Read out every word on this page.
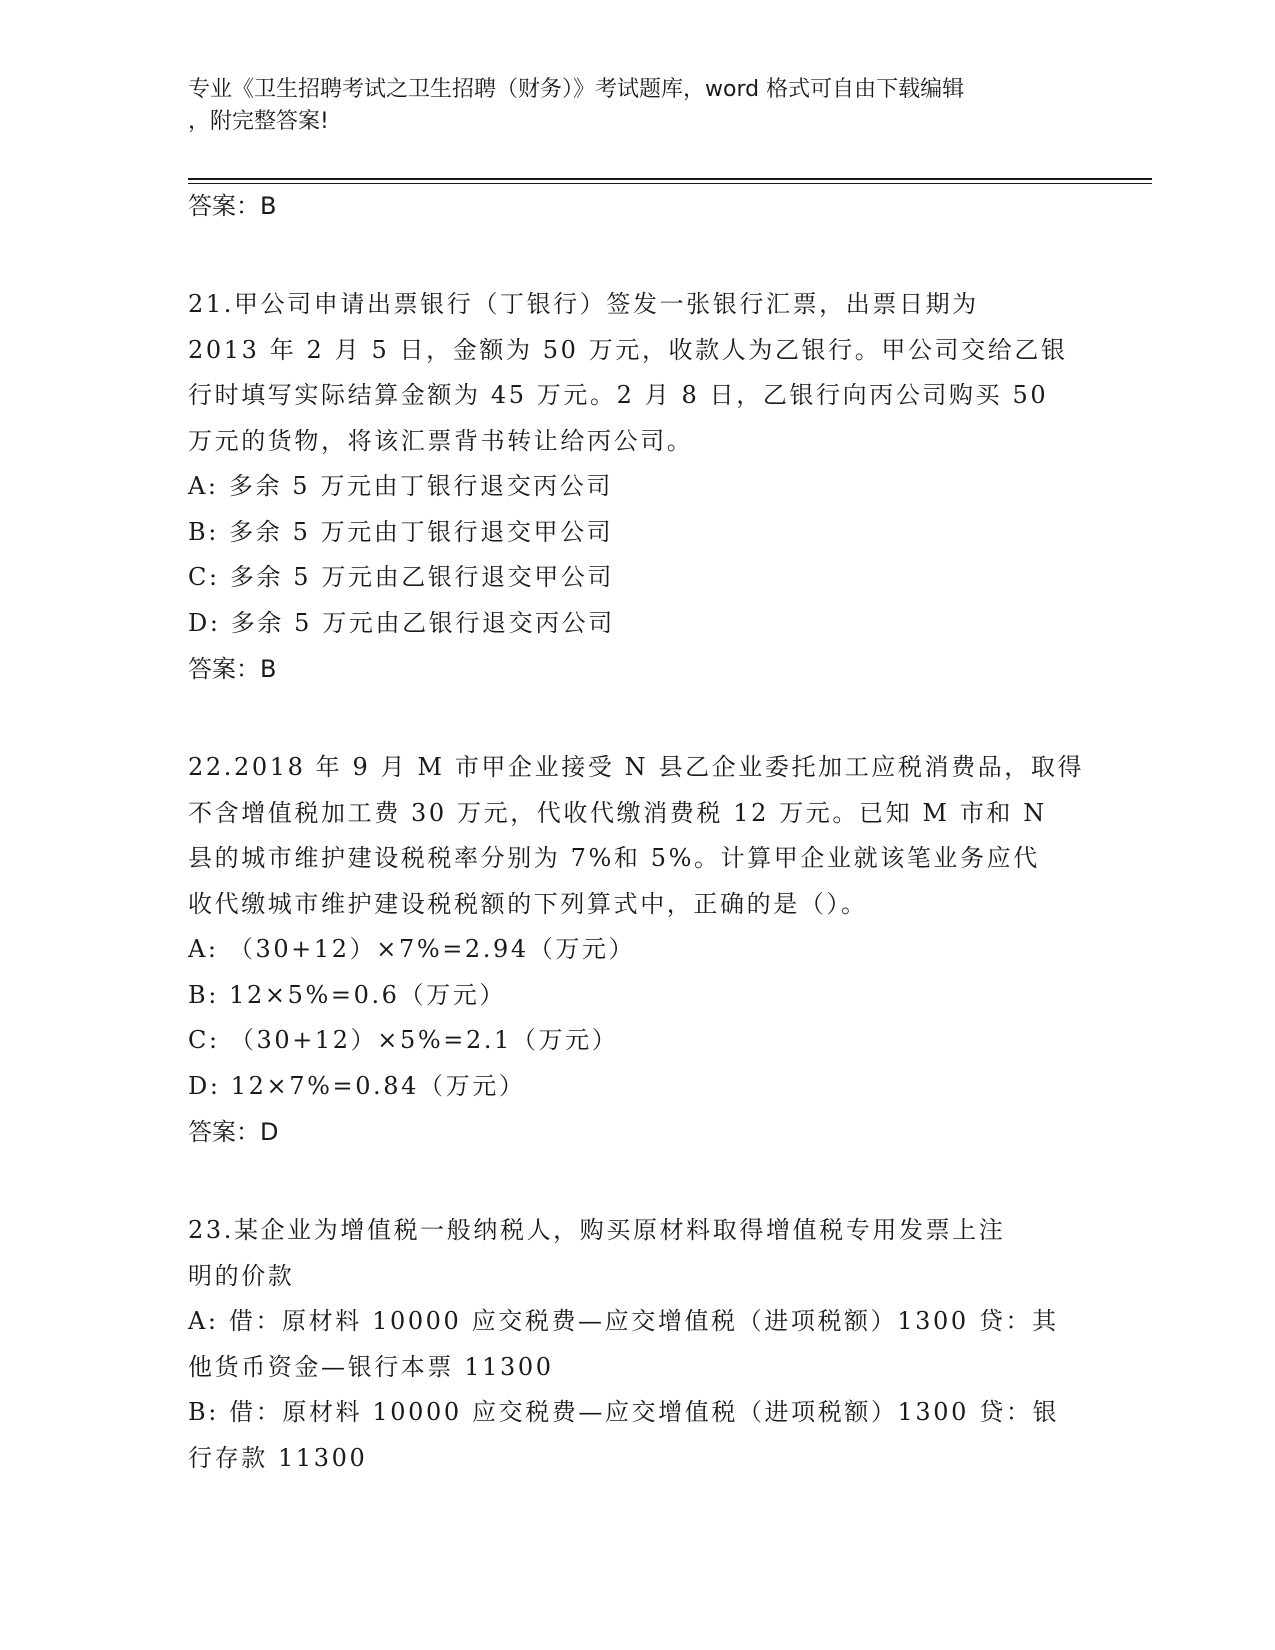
专业《卫生招聘考试之卫生招聘（财务）》考试题库，word 格式可自由下载编辑
，附完整答案!
答案：B
21.甲公司申请出票银行（丁银行）签发一张银行汇票，出票日期为
2013 年 2 月 5 日，金额为 50 万元，收款人为乙银行。甲公司交给乙银
行时填写实际结算金额为 45 万元。2 月 8 日，乙银行向丙公司购买 50
万元的货物，将该汇票背书转让给丙公司。
A: 多余 5 万元由丁银行退交丙公司
B: 多余 5 万元由丁银行退交甲公司
C: 多余 5 万元由乙银行退交甲公司
D: 多余 5 万元由乙银行退交丙公司
答案：B
22.2018 年 9 月 M 市甲企业接受 N 县乙企业委托加工应税消费品，取得
不含增值税加工费 30 万元，代收代缴消费税 12 万元。已知 M 市和 N
县的城市维护建设税税率分别为 7%和 5%。计算甲企业就该笔业务应代
收代缴城市维护建设税税额的下列算式中，正确的是（）。
A: （30+12）×7%=2.94（万元）
B: 12×5%=0.6（万元）
C: （30+12）×5%=2.1（万元）
D: 12×7%=0.84（万元）
答案：D
23.某企业为增值税一般纳税人，购买原材料取得增值税专用发票上注
明的价款
A: 借：原材料 10000 应交税费—应交增值税（进项税额）1300 贷：其
他货币资金—银行本票 11300
B: 借：原材料 10000 应交税费—应交增值税（进项税额）1300 贷：银
行存款 11300
